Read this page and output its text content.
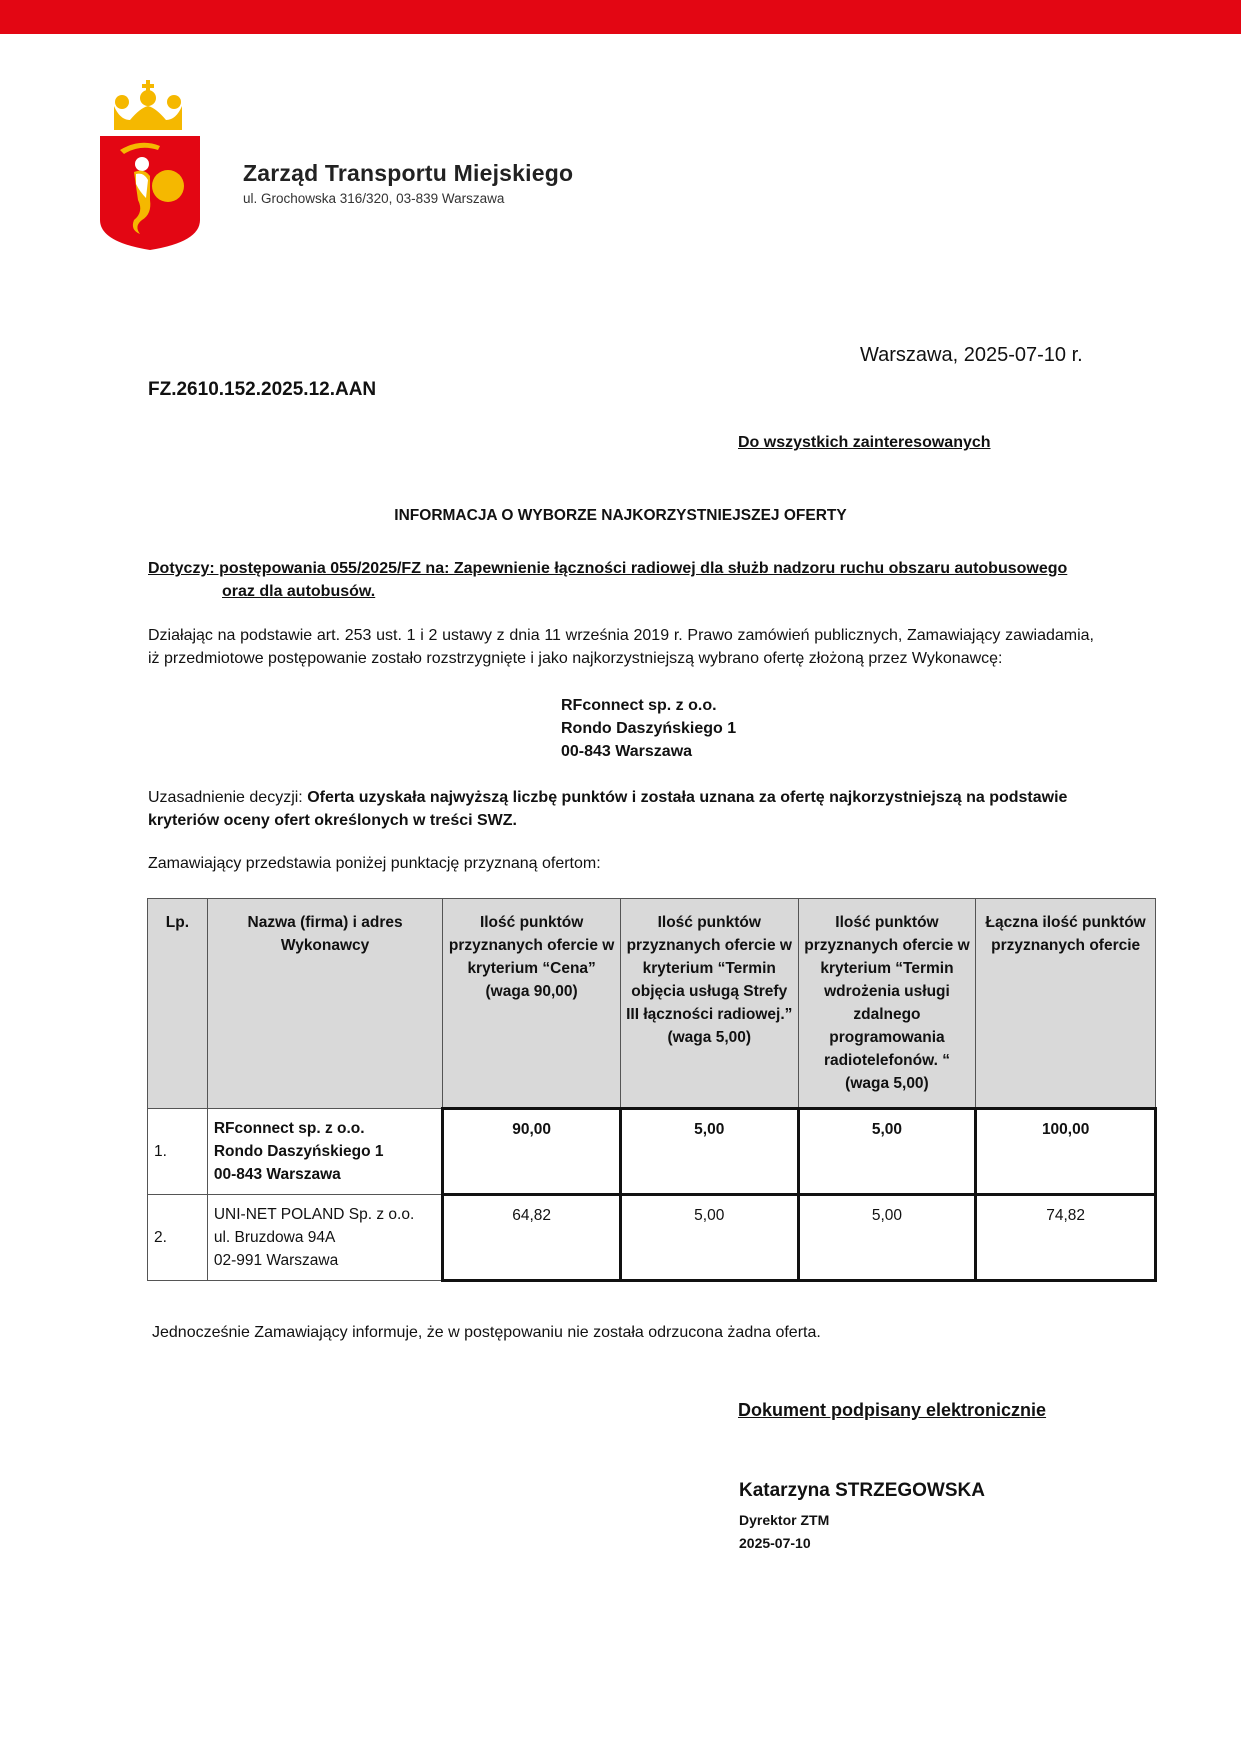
Zarząd Transportu Miejskiego
ul. Grochowska 316/320, 03-839 Warszawa
Warszawa, 2025-07-10 r.
FZ.2610.152.2025.12.AAN
Do wszystkich zainteresowanych
INFORMACJA O WYBORZE NAJKORZYSTNIEJSZEJ OFERTY
Dotyczy: postępowania 055/2025/FZ na: Zapewnienie łączności radiowej dla służb nadzoru ruchu obszaru autobusowego
oraz dla autobusów.
Działając na podstawie art. 253 ust. 1 i 2 ustawy z dnia 11 września 2019 r. Prawo zamówień publicznych, Zamawiający zawiadamia, iż przedmiotowe postępowanie zostało rozstrzygnięte i jako najkorzystniejszą wybrano ofertę złożoną przez Wykonawcę:
RFconnect sp. z o.o.
Rondo Daszyńskiego 1
00-843 Warszawa
Uzasadnienie decyzji: Oferta uzyskała najwyższą liczbę punktów i została uznana za ofertę najkorzystniejszą na podstawie kryteriów oceny ofert określonych w treści SWZ.
Zamawiający przedstawia poniżej punktację przyznaną ofertom:
Lp.	Nazwa (firma) i adres Wykonawcy	Ilość punktów przyznanych ofercie w kryterium “Cena” (waga 90,00)	Ilość punktów przyznanych ofercie w kryterium “Termin objęcia usługą Strefy III łączności radiowej.” (waga 5,00)	Ilość punktów przyznanych ofercie w kryterium “Termin wdrożenia usługi zdalnego programowania radiotelefonów. “ (waga 5,00)	Łączna ilość punktów przyznanych ofercie
1.	RFconnect sp. z o.o.
Rondo Daszyńskiego 1
00-843 Warszawa	90,00	5,00	5,00	100,00
2.	UNI-NET POLAND Sp. z o.o.
ul. Bruzdowa 94A
02-991 Warszawa	64,82	5,00	5,00	74,82
Jednocześnie Zamawiający informuje, że w postępowaniu nie została odrzucona żadna oferta.
Dokument podpisany elektronicznie
Katarzyna STRZEGOWSKA
Dyrektor ZTM
2025-07-10
